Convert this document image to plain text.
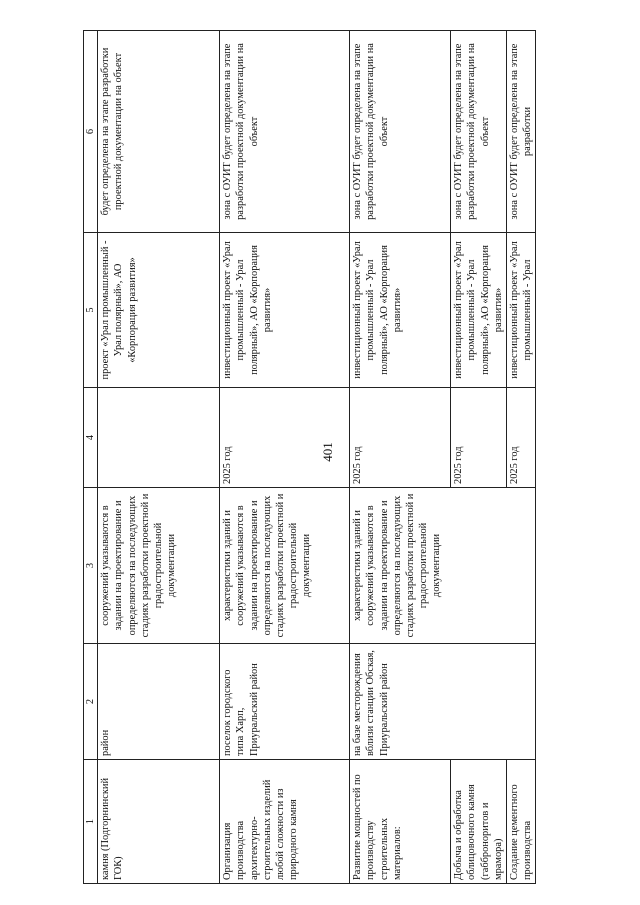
401
1	2	3	4	5	6
камня (Подгорнинский ГОК)	район	сооружений указываются в задании на проектирование и определяются на последующих стадиях разработки проектной и градостроительной документации		проект «Урал промышленный - Урал полярный», АО «Корпорация развития»	будет определена на этапе разработки проектной документации на объект
Организация производства архитектурно-строительных изделий любой сложности из природного камня	поселок городского типа Харп, Приуральский район	характеристики зданий и сооружений указываются в задании на проектирование и определяются на последующих стадиях разработки проектной и градостроительной документации	2025 год	инвестиционный проект «Урал промышленный - Урал полярный», АО «Корпорация развития»	зона с ОУИТ будет определена на этапе разработки проектной документации на объект
Развитие мощностей по производству строительных материалов:	на базе месторождения вблизи станции Обская, Приуральский район	характеристики зданий и сооружений указываются в задании на проектирование и определяются на последующих стадиях разработки проектной и градостроительной документации	2025 год	инвестиционный проект «Урал промышленный - Урал полярный», АО «Корпорация развития»	зона с ОУИТ будет определена на этапе разработки проектной документации на объект

Добыча и обработка облицовочного камня (габброноритов и мрамора)			2025 год	инвестиционный проект «Урал промышленный - Урал полярный», АО «Корпорация развития»	зона с ОУИТ будет определена на этапе разработки проектной документации на объект
Создание цементного производства			2025 год	инвестиционный проект «Урал промышленный - Урал	зона с ОУИТ будет определена на этапе разработки
